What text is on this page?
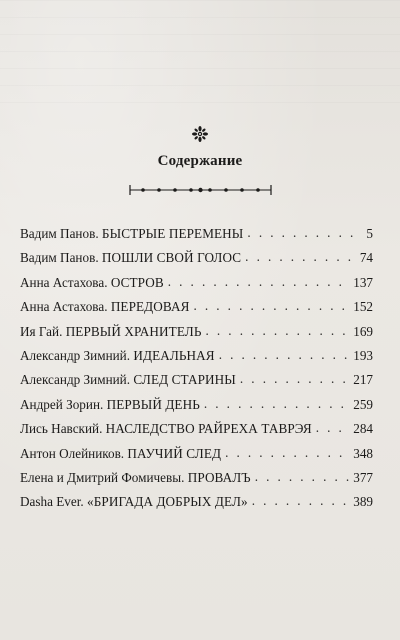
Содержание
Вадим Панов. БЫСТРЫЕ ПЕРЕМЕНЫ . . .	5
Вадим Панов. ПОШЛИ СВОЙ ГОЛОС . . .	74
Анна Астахова. ОСТРОВ . . .	137
Анна Астахова. ПЕРЕДОВАЯ . . .	152
Ия Гай. ПЕРВЫЙ ХРАНИТЕЛЬ . . .	169
Александр Зимний. ИДЕАЛЬНАЯ . . .	193
Александр Зимний. СЛЕД СТАРИНЫ . . .	217
Андрей Зорин. ПЕРВЫЙ ДЕНЬ . . .	259
Лись Навский. НАСЛЕДСТВО РАЙРЕХА ТАВРЭЯ . . .	284
Антон Олейников. ПАУЧИЙ СЛЕД . . .	348
Елена и Дмитрий Фомичевы. ПРОВАЛЪ . . .	377
Dasha Ever. «БРИГАДА ДОБРЫХ ДЕЛ» . . .	389
